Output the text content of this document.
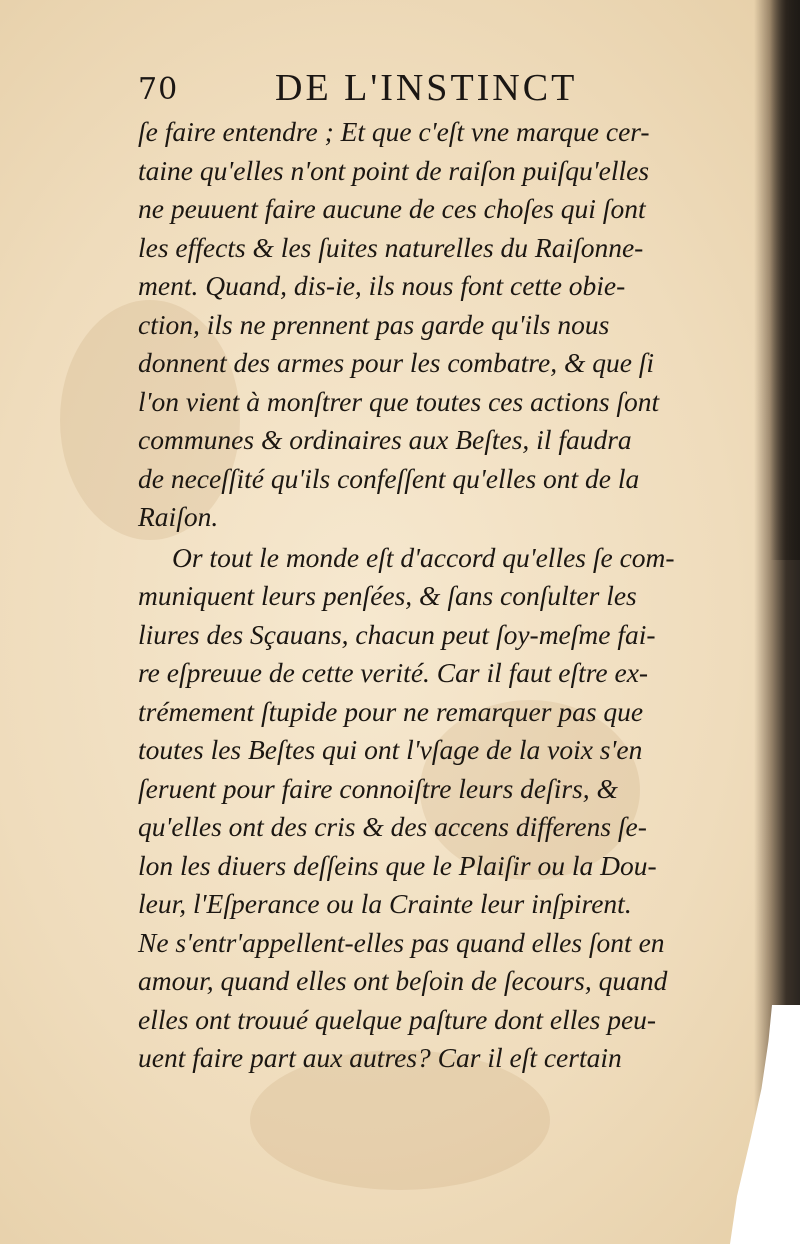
70	DE L'INSTINCT
ſe faire entendre ; Et que c'eſt vne marque cer-
taine qu'elles n'ont point de raiſon puiſqu'elles
ne peuuent faire aucune de ces choſes qui ſont
les effects & les ſuites naturelles du Raiſonne-
ment. Quand, dis-ie, ils nous font cette obie-
ction, ils ne prennent pas garde qu'ils nous
donnent des armes pour les combatre, & que ſi
l'on vient à monſtrer que toutes ces actions ſont
communes & ordinaires aux Beſtes, il faudra
de neceſſité qu'ils confeſſent qu'elles ont de la
Raiſon.
Or tout le monde eſt d'accord qu'elles ſe com-
muniquent leurs penſées, & ſans conſulter les
liures des Sçauans, chacun peut ſoy-meſme fai-
re eſpreuue de cette verité. Car il faut eſtre ex-
trémement ſtupide pour ne remarquer pas que
toutes les Beſtes qui ont l'vſage de la voix s'en
ſeruent pour faire connoiſtre leurs deſirs, &
qu'elles ont des cris & des accens differens ſe-
lon les diuers deſſeins que le Plaiſir ou la Dou-
leur, l'Eſperance ou la Crainte leur inſpirent.
Ne s'entr'appellent-elles pas quand elles ſont en
amour, quand elles ont beſoin de ſecours, quand
elles ont trouué quelque paſture dont elles peu-
uent faire part aux autres? Car il eſt certain
